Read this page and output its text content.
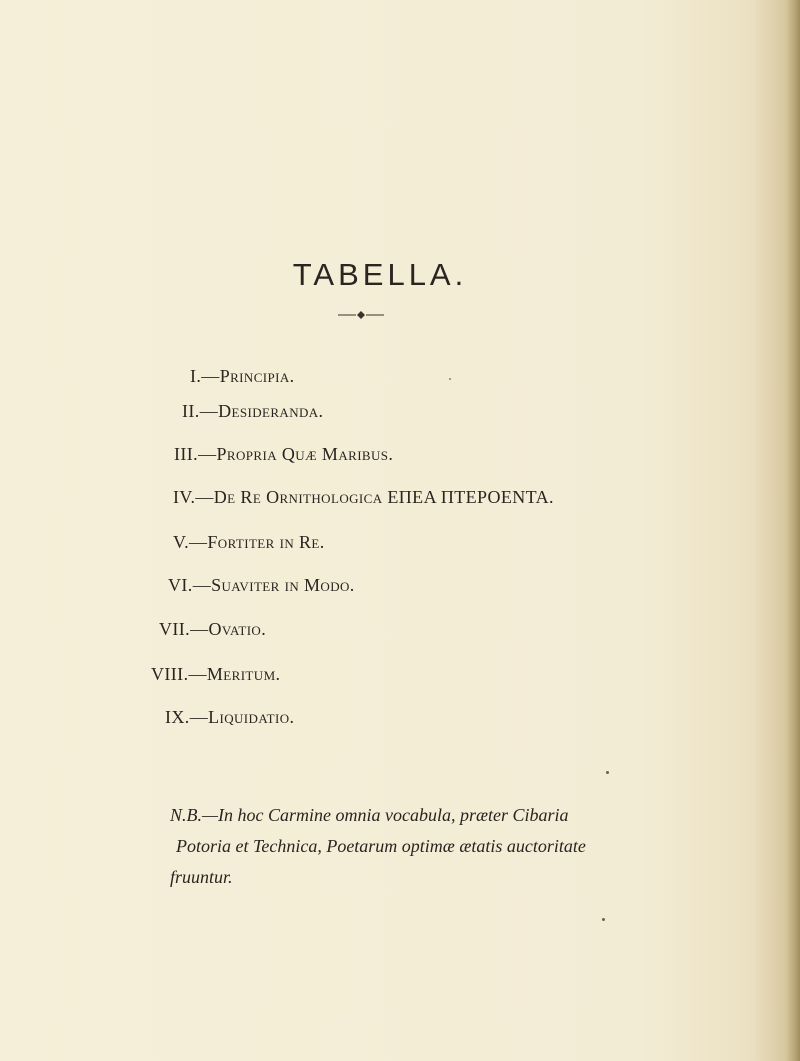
TABELLA.
I.—Principia.
II.—Desideranda.
III.—Propria Quæ Maribus.
IV.—De Re Ornithologica ΕΠΕΑ ΠΤΕΡΟΕΝΤΑ.
V.—Fortiter in Re.
VI.—Suaviter in Modo.
VII.—Ovatio.
VIII.—Meritum.
IX.—Liquidatio.
N.B.—In hoc Carmine omnia vocabula, præter Cibaria
Potoria et Technica, Poetarum optimæ ætatis auctoritate
fruuntur.
